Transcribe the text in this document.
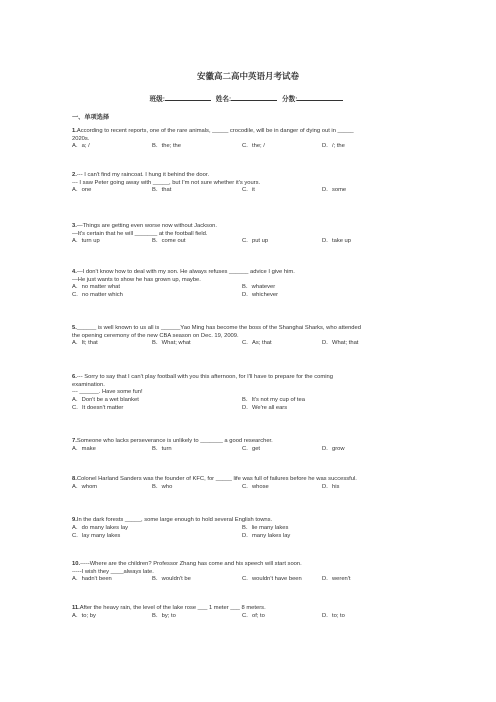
安徽高二高中英语月考试卷
班级:	姓名:	分数:
一、单项选择
1.According to recent reports, one of the rare animals, _____ crocodile, will be in danger of dying out in _____
2020s.
A．a; /	B．the; the	C．the; /	D．/; the
2.--- I can't find my raincoat. I hung it behind the door.
--- I saw Peter going away with _____, but I'm not sure whether it's yours.
A．one	B．that	C．it	D．some
3.—Things are getting even worse now without Jackson.
—It's certain that he will _______ at the football field.
A．turn up	B．come out	C．put up	D．take up
4.—I don't know how to deal with my son. He always refuses ______ advice I give him.
—He just wants to show he has grown up, maybe.
A．no matter what	B．whatever
C．no matter which	D．whichever
5.______ is well known to us all is ______Yao Ming has become the boss of the Shanghai Sharks, who attended
the opening ceremony of the new CBA season on Dec. 19, 2009.
A．It; that	B．What; what	C．As; that	D．What; that
6.--- Sorry to say that I can't play football with you this afternoon, for I'll have to prepare for the coming
examination.
--- ______. Have some fun!
A．Don't be a wet blanket	B．It's not my cup of tea
C．It doesn't matter	D．We're all ears
7.Someone who lacks perseverance is unlikely to _______ a good researcher.
A．make	B．turn	C．get	D．grow
8.Colonel Harland Sanders was the founder of KFC, for _____ life was full of failures before he was successful.
A．whom	B．who	C．whose	D．his
9.In the dark forests _____, some large enough to hold several English towns.
A．do many lakes lay	B．lie many lakes
C．lay many lakes	D．many lakes lay
10.-----Where are the children? Professor Zhang has come and his speech will start soon.
-----I wish they ____always late.
A．hadn't been	B．wouldn't be	C．wouldn't have been	D．weren't
11.After the heavy rain, the level of the lake rose ___ 1 meter ___ 8 meters.
A．to; by	B．by; to	C．of; to	D．to; to
